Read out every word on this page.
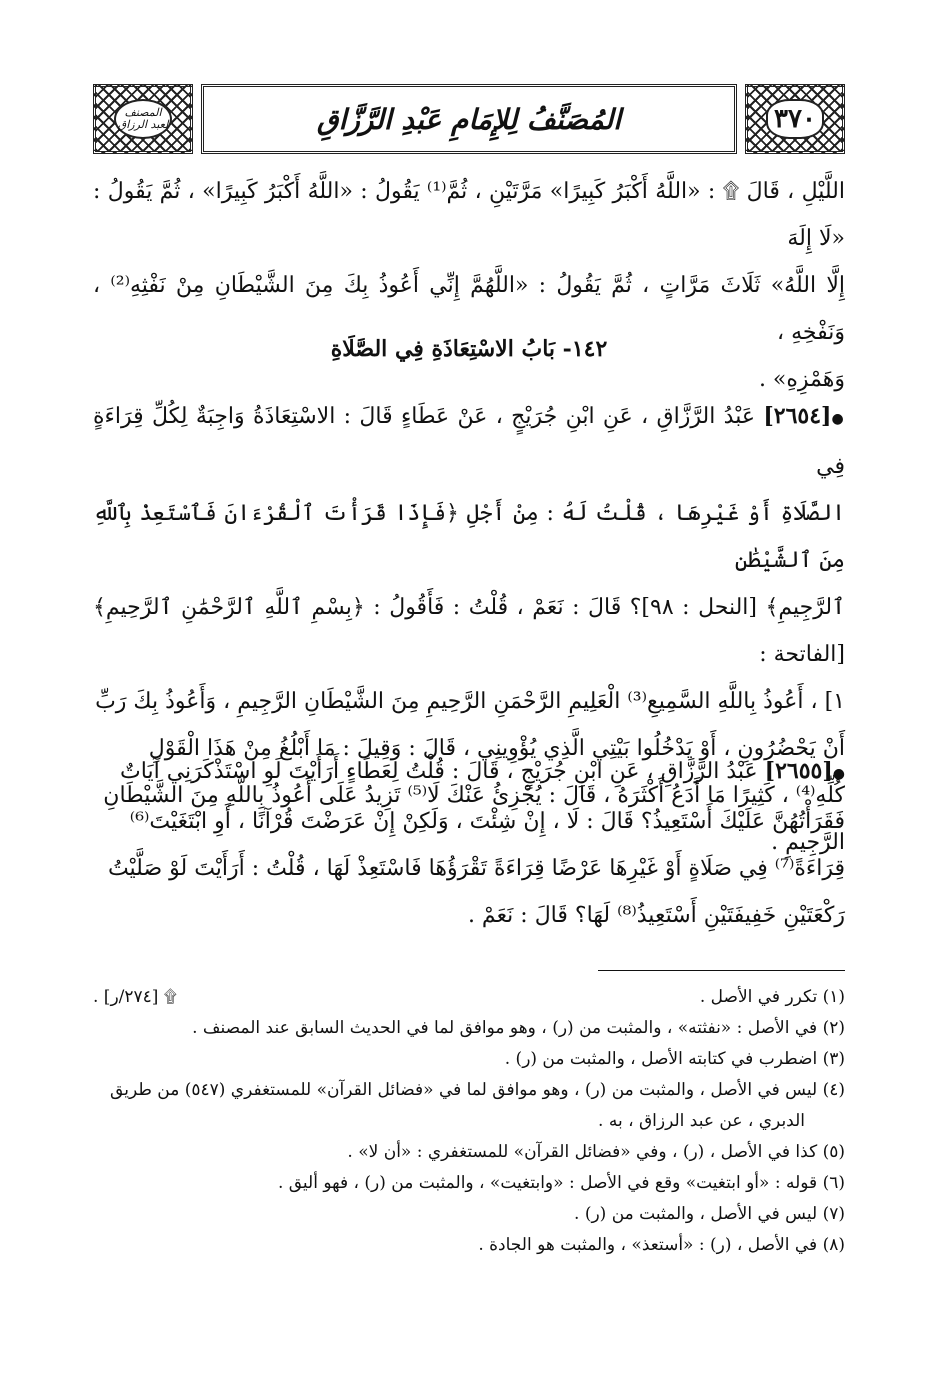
المصنف لعبد الرزاق	المُصَنَّفُ لِلإِمَامِ عَبْدِ الرَّزَّاقِ	٣٧٠
اللَّيْلِ ، قَالَ ۩ : «اللَّهُ أَكْبَرُ كَبِيرًا» مَرَّتَيْنِ ، ثُمَّ⁽¹⁾ يَقُولُ : «اللَّهُ أَكْبَرُ كَبِيرًا» ، ثُمَّ يَقُولُ : «لَا إِلَهَ
إِلَّا اللَّهُ» ثَلَاثَ مَرَّاتٍ ، ثُمَّ يَقُولُ : «اللَّهُمَّ إِنِّي أَعُوذُ بِكَ مِنَ الشَّيْطَانِ مِنْ نَفْثِهِ⁽²⁾ ، وَنَفْخِهِ ،
وَهَمْزِهِ» .
١٤٢- بَابُ الاسْتِعَاذَةِ فِي الصَّلَاةِ
●[٢٦٥٤] عَبْدُ الرَّزَّاقِ ، عَنِ ابْنِ جُرَيْجٍ ، عَنْ عَطَاءٍ قَالَ : الاسْتِعَاذَةُ وَاجِبَةٌ لِكُلِّ قِرَاءَةٍ فِي
الصَّلَاةِ أَوْ غَيْرِهَا ، قُلْتُ لَهُ : مِنْ أَجْلِ ﴿فَإِذَا قَرَأْتَ ٱلْقُرْءَانَ فَٱسْتَعِذْ بِٱللَّهِ مِنَ ٱلشَّيْطَٰنِ
ٱلرَّجِيمِ﴾ [النحل : ٩٨]؟ قَالَ : نَعَمْ ، قُلْتُ : فَأَقُولُ : ﴿بِسْمِ ٱللَّهِ ٱلرَّحْمَٰنِ ٱلرَّحِيمِ﴾ [الفاتحة :
١] ، أَعُوذُ بِاللَّهِ السَّمِيعِ⁽³⁾ الْعَلِيمِ الرَّحْمَنِ الرَّحِيمِ مِنَ الشَّيْطَانِ الرَّجِيمِ ، وَأَعُوذُ بِكَ رَبِّ
أَنْ يَحْضُرُونِ ، أَوْ يَدْخُلُوا بَيْتِي الَّذِي يُؤْوِينِي ، قَالَ : وَقِيلَ : مَا أَبْلُغُ مِنْ هَذَا الْقَوْلِ
كُلِّهِ⁽⁴⁾ ، كَثِيرًا مَا أَدَعُ أَكْثَرَهُ ، قَالَ : يُجْزِئُ عَنْكَ لَا⁽⁵⁾ تَزِيدُ عَلَى أَعُوذُ بِاللَّهِ مِنَ الشَّيْطَانِ
الرَّجِيمِ .
●[٢٦٥٥] عَبْدُ الرَّزَّاقِ ، عَنِ ابْنِ جُرَيْجٍ ، قَالَ : قُلْتُ لِعَطَاءٍ أَرَأَيْتَ لَوِ اسْتَذْكَرَنِي آيَاتٌ
فَقَرَأْتُهُنَّ عَلَيْكَ أَسْتَعِيذُ؟ قَالَ : لَا ، إِنْ شِئْتَ ، وَلَكِنْ إِنْ عَرَضْتَ قُرْآنًا ، أَوِ ابْتَغَيْتَ⁽⁶⁾
قِرَاءَةً⁽⁷⁾ فِي صَلَاةٍ أَوْ غَيْرِهَا عَرْضًا قِرَاءَةً تَقْرَؤُهَا فَاسْتَعِذْ لَهَا ، قُلْتُ : أَرَأَيْتَ لَوْ صَلَّيْتُ
رَكْعَتَيْنِ خَفِيفَتَيْنِ أَسْتَعِيذُ⁽⁸⁾ لَهَا؟ قَالَ : نَعَمْ .

(١) تكرر في الأصل .

۩ [٢٧٤/ر] .

(٢) في الأصل : «نفثته» ، والمثبت من (ر) ، وهو موافق لما في الحديث السابق عند المصنف .

(٣) اضطرب في كتابته الأصل ، والمثبت من (ر) .

(٤) ليس في الأصل ، والمثبت من (ر) ، وهو موافق لما في «فضائل القرآن» للمستغفري (٥٤٧) من طريق

الدبري ، عن عبد الرزاق ، به .

(٥) كذا في الأصل ، (ر) ، وفي «فضائل القرآن» للمستغفري : «أن لا» .

(٦) قوله : «أو ابتغيت» وقع في الأصل : «وابتغيت» ، والمثبت من (ر) ، فهو أليق .

(٧) ليس في الأصل ، والمثبت من (ر) .

(٨) في الأصل ، (ر) : «أستعذ» ، والمثبت هو الجادة .
